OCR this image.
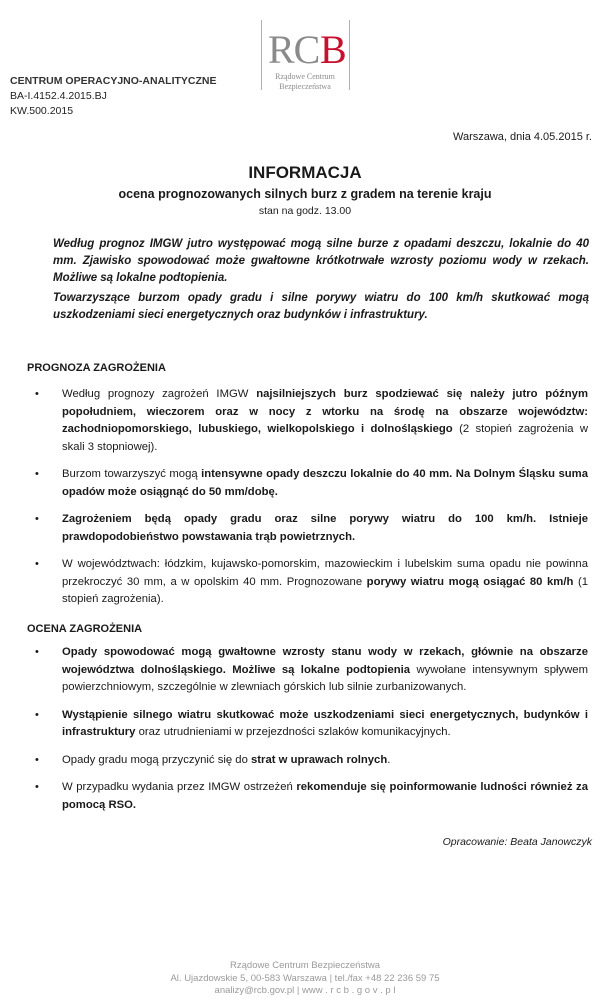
RC B
Rządowe Centrum
Bezpieczeństwa
CENTRUM OPERACYJNO-ANALITYCZNE
BA-I.4152.4.2015.BJ
KW.500.2015
Warszawa, dnia 4.05.2015 r.
INFORMACJA
ocena prognozowanych silnych burz z gradem na terenie kraju
stan na godz. 13.00

Według prognoz IMGW jutro występować mogą silne burze z opadami deszczu, lokalnie do 40 mm. Zjawisko spowodować może gwałtowne krótkotrwałe wzrosty poziomu wody w rzekach. Możliwe są lokalne podtopienia.

Towarzyszące burzom opady gradu i silne porywy wiatru do 100 km/h skutkować mogą uszkodzeniami sieci energetycznych oraz budynków i infrastruktury.

PROGNOZA ZAGROŻENIA
• Według prognozy zagrożeń IMGW najsilniejszych burz spodziewać się należy jutro późnym popołudniem, wieczorem oraz w nocy z wtorku na środę na obszarze województw: zachodniopomorskiego, lubuskiego, wielkopolskiego i dolnośląskiego (2 stopień zagrożenia w skali 3 stopniowej).
• Burzom towarzyszyć mogą intensywne opady deszczu lokalnie do 40 mm. Na Dolnym Śląsku suma opadów może osiągnąć do 50 mm/dobę.
• Zagrożeniem będą opady gradu oraz silne porywy wiatru do 100 km/h. Istnieje prawdopodobieństwo powstawania trąb powietrznych.
• W województwach: łódzkim, kujawsko-pomorskim, mazowieckim i lubelskim suma opadu nie powinna przekroczyć 30 mm, a w opolskim 40 mm. Prognozowane porywy wiatru mogą osiągać 80 km/h (1 stopień zagrożenia).
OCENA ZAGROŻENIA
• Opady spowodować mogą gwałtowne wzrosty stanu wody w rzekach, głównie na obszarze województwa dolnośląskiego. Możliwe są lokalne podtopienia wywołane intensywnym spływem powierzchniowym, szczególnie w zlewniach górskich lub silnie zurbanizowanych.
• Wystąpienie silnego wiatru skutkować może uszkodzeniami sieci energetycznych, budynków i infrastruktury oraz utrudnieniami w przejezdności szlaków komunikacyjnych.
• Opady gradu mogą przyczynić się do strat w uprawach rolnych.
• W przypadku wydania przez IMGW ostrzeżeń rekomenduje się poinformowanie ludności również za pomocą RSO.
Opracowanie: Beata Janowczyk
Rządowe Centrum Bezpieczeństwa
Al. Ujazdowskie 5, 00-583 Warszawa | tel./fax +48 22 236 59 75
analizy@rcb.gov.pl | www . r c b . g o v . p l
